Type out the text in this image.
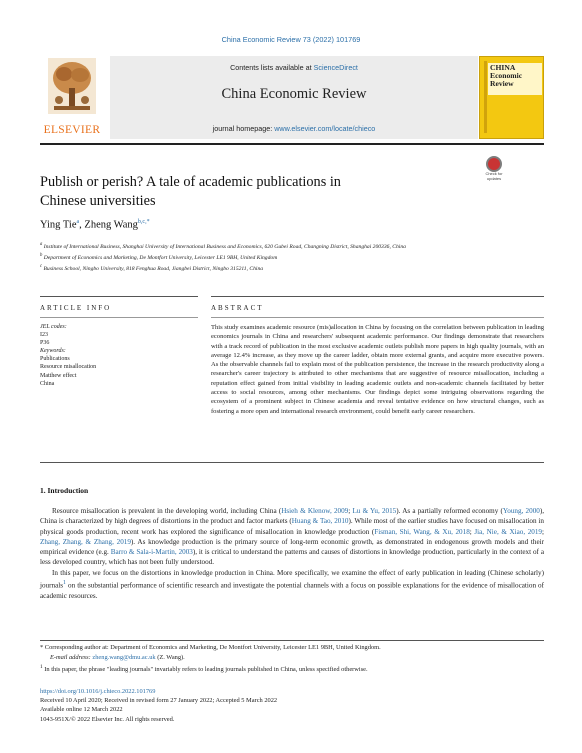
China Economic Review 73 (2022) 101769
ELSEVIER
Contents lists available at ScienceDirect
China Economic Review
journal homepage: www.elsevier.com/locate/chieco
CHINA
Economic
Review
Publish or perish? A tale of academic publications in
Chinese universities
Check for updates
Ying Tie$^a$, Zheng Wang$^{b,c,*}$
$^a$ Institute of International Business, Shanghai University of International Business and Economics, 620 Gubei Road, Changning District, Shanghai 200336, China
$^b$ Department of Economics and Marketing, De Montfort University, Leicester LE1 9BH, United Kingdom
$^c$ Business School, Ningbo University, 818 Fenghua Road, Jiangbei District, Ningbo 315211, China
ARTICLE INFO	ABSTRACT
JEL codes:
I23
P36
Keywords:
Publications
Resource misallocation
Matthew effect
China
This study examines academic resource (mis)allocation in China by focusing on the correlation between publication in leading economics journals in China and researchers' subsequent academic performance. Our findings demonstrate that researchers with a track record of publication in the most exclusive academic outlets publish more papers in high quality journals, with an average 12.4% increase, as they move up the career ladder, obtain more external grants, and acquire more executive powers. As the observable channels fail to explain most of the publication persistence, the increase in the research productivity along a researcher's career trajectory is attributed to other mechanisms that are suggestive of resource misallocation, including a reputation effect gained from initial visibility in leading academic outlets and non-academic channels facilitated by better access to social resources, among other mechanisms. Our findings depict some intriguing observations regarding the ecosystem of a prominent subject in Chinese academia and reveal tentative evidence on how structural changes, such as fostering a more open and international research environment, could benefit early career researchers.
1. Introduction

Resource misallocation is prevalent in the developing world, including China (Hsieh & Klenow, 2009; Lu & Yu, 2015). As a partially reformed economy (Young, 2000), China is characterized by high degrees of distortions in the product and factor markets (Huang & Tao, 2010). While most of the earlier studies have focused on misallocation in physical goods production, recent work has explored the significance of misallocation in knowledge production (Fisman, Shi, Wang, & Xu, 2018; Jia, Nie, & Xiao, 2019; Zhang, Zhang, & Zhang, 2019). As knowledge production is the primary source of long-term economic growth, as demonstrated in endogenous growth models and their empirical evidence (e.g. Barro & Sala-i-Martin, 2003), it is critical to understand the patterns and causes of distortions in knowledge production, particularly in the context of a less developed country, which has not been fully understood.

In this paper, we focus on the distortions in knowledge production in China. More specifically, we examine the effect of early publication in leading (Chinese scholarly) journals$^1$ on the substantial performance of scientific research and investigate the potential channels with a focus on possible explanations for the evidence of misallocation of academic resources.

* Corresponding author at: Department of Economics and Marketing, De Montfort University, Leicester LE1 9BH, United Kingdom.
E-mail address: zheng.wang@dmu.ac.uk (Z. Wang).
$^1$ In this paper, the phrase "leading journals" invariably refers to leading journals published in China, unless specified otherwise.
https://doi.org/10.1016/j.chieco.2022.101769
Received 10 April 2020; Received in revised form 27 January 2022; Accepted 5 March 2022
Available online 12 March 2022
1043-951X/© 2022 Elsevier Inc. All rights reserved.
